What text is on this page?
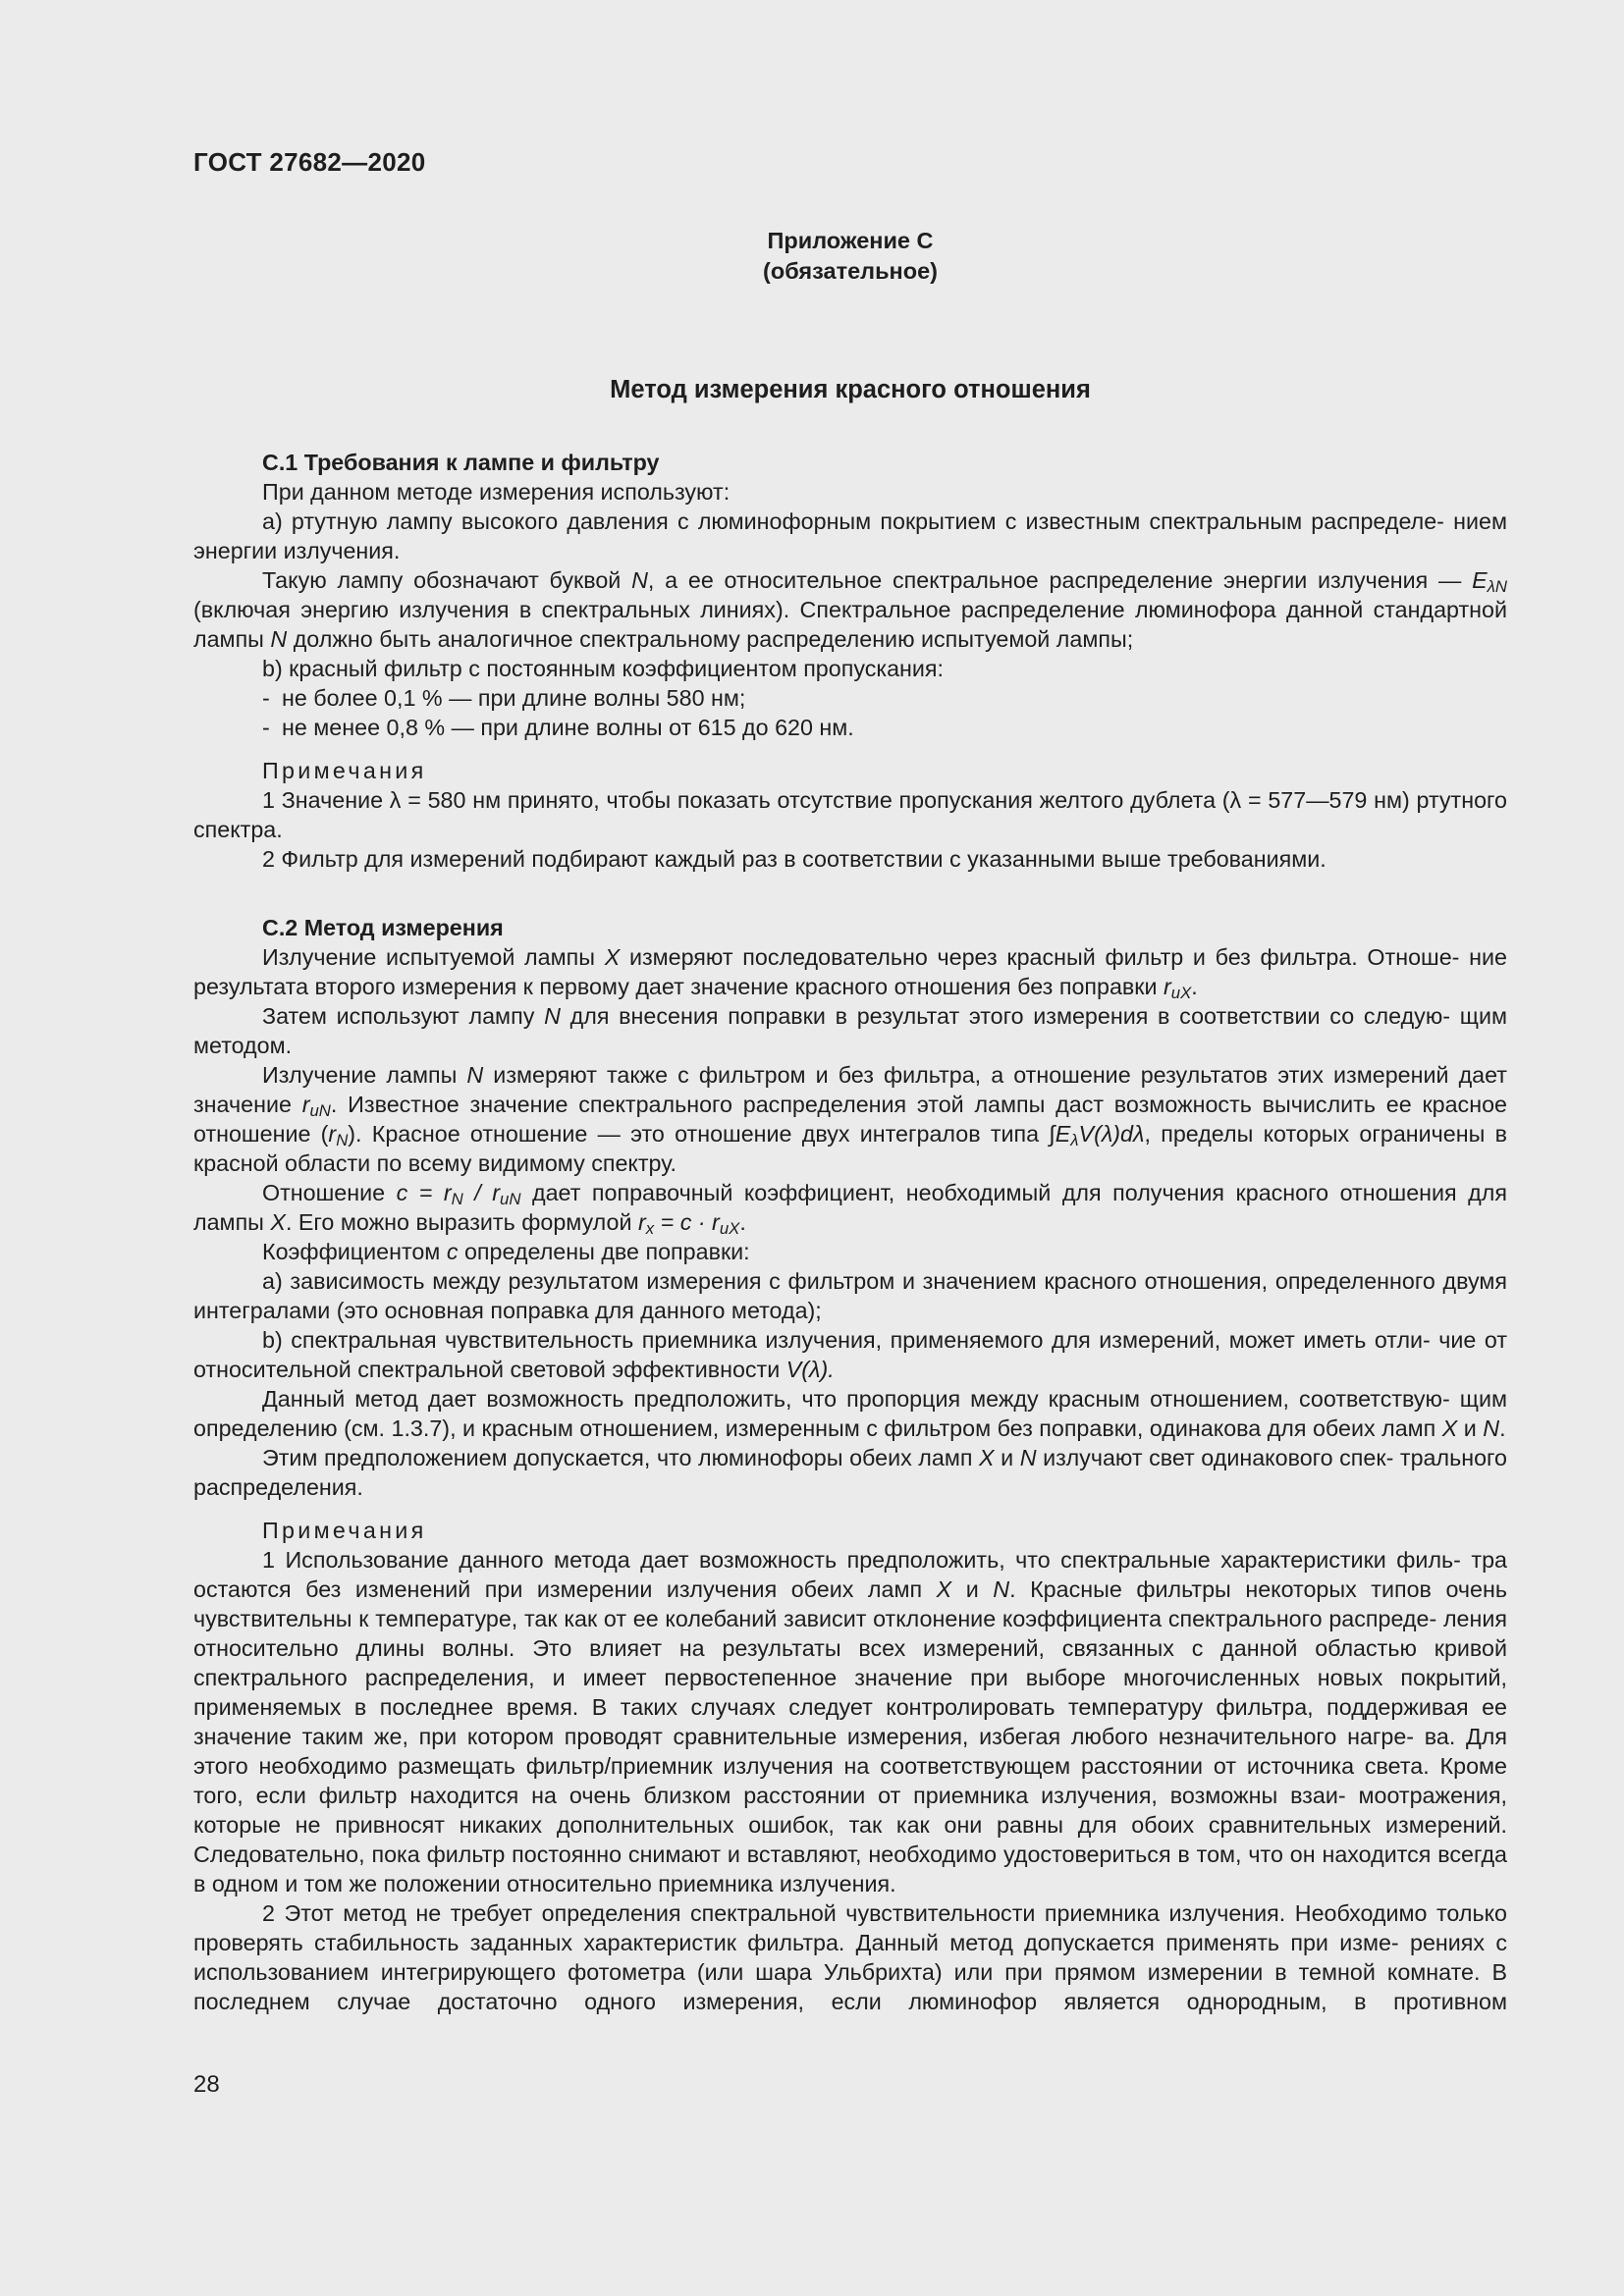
ГОСТ 27682—2020
Приложение С
(обязательное)
Метод измерения красного отношения
С.1 Требования к лампе и фильтру

При данном методе измерения используют:

а) ртутную лампу высокого давления с люминофорным покрытием с известным спектральным распределе- нием энергии излучения.

Такую лампу обозначают буквой N, а ее относительное спектральное распределение энергии излучения — $E_{\lambda N}$ (включая энергию излучения в спектральных линиях). Спектральное распределение люминофора данной стандартной лампы N должно быть аналогичное спектральному распределению испытуемой лампы;

b) красный фильтр с постоянным коэффициентом пропускания:

- не более 0,1 % — при длине волны 580 нм;

- не менее 0,8 % — при длине волны от 615 до 620 нм.

Примечания

1 Значение λ = 580 нм принято, чтобы показать отсутствие пропускания желтого дублета (λ = 577—579 нм) ртутного спектра.

2 Фильтр для измерений подбирают каждый раз в соответствии с указанными выше требованиями.

С.2 Метод измерения

Излучение испытуемой лампы X измеряют последовательно через красный фильтр и без фильтра. Отноше- ние результата второго измерения к первому дает значение красного отношения без поправки $r_{uX}$.

Затем используют лампу N для внесения поправки в результат этого измерения в соответствии со следую- щим методом.

Излучение лампы N измеряют также с фильтром и без фильтра, а отношение результатов этих измерений дает значение $r_{uN}$. Известное значение спектрального распределения этой лампы даст возможность вычислить ее красное отношение $(r_N)$. Красное отношение — это отношение двух интегралов типа $\int E_\lambda V(\lambda)d\lambda$, пределы которых ограничены в красной области по всему видимому спектру.

Отношение $c = r_N / r_{uN}$ дает поправочный коэффициент, необходимый для получения красного отношения для лампы X. Его можно выразить формулой $r_x = c \cdot r_{uX}$.

Коэффициентом с определены две поправки:

а) зависимость между результатом измерения с фильтром и значением красного отношения, определенного двумя интегралами (это основная поправка для данного метода);

b) спектральная чувствительность приемника излучения, применяемого для измерений, может иметь отли- чие от относительной спектральной световой эффективности V(λ).

Данный метод дает возможность предположить, что пропорция между красным отношением, соответствую- щим определению (см. 1.3.7), и красным отношением, измеренным с фильтром без поправки, одинакова для обеих ламп X и N.

Этим предположением допускается, что люминофоры обеих ламп X и N излучают свет одинакового спек- трального распределения.

Примечания

1 Использование данного метода дает возможность предположить, что спектральные характеристики филь- тра остаются без изменений при измерении излучения обеих ламп X и N. Красные фильтры некоторых типов очень чувствительны к температуре, так как от ее колебаний зависит отклонение коэффициента спектрального распреде- ления относительно длины волны. Это влияет на результаты всех измерений, связанных с данной областью кривой спектрального распределения, и имеет первостепенное значение при выборе многочисленных новых покрытий, применяемых в последнее время. В таких случаях следует контролировать температуру фильтра, поддерживая ее значение таким же, при котором проводят сравнительные измерения, избегая любого незначительного нагре- ва. Для этого необходимо размещать фильтр/приемник излучения на соответствующем расстоянии от источника света. Кроме того, если фильтр находится на очень близком расстоянии от приемника излучения, возможны взаи- моотражения, которые не привносят никаких дополнительных ошибок, так как они равны для обоих сравнительных измерений. Следовательно, пока фильтр постоянно снимают и вставляют, необходимо удостовериться в том, что он находится всегда в одном и том же положении относительно приемника излучения.

2 Этот метод не требует определения спектральной чувствительности приемника излучения. Необходимо только проверять стабильность заданных характеристик фильтра. Данный метод допускается применять при изме- рениях с использованием интегрирующего фотометра (или шара Ульбрихта) или при прямом измерении в темной комнате. В последнем случае достаточно одного измерения, если люминофор является однородным, в противном

28
